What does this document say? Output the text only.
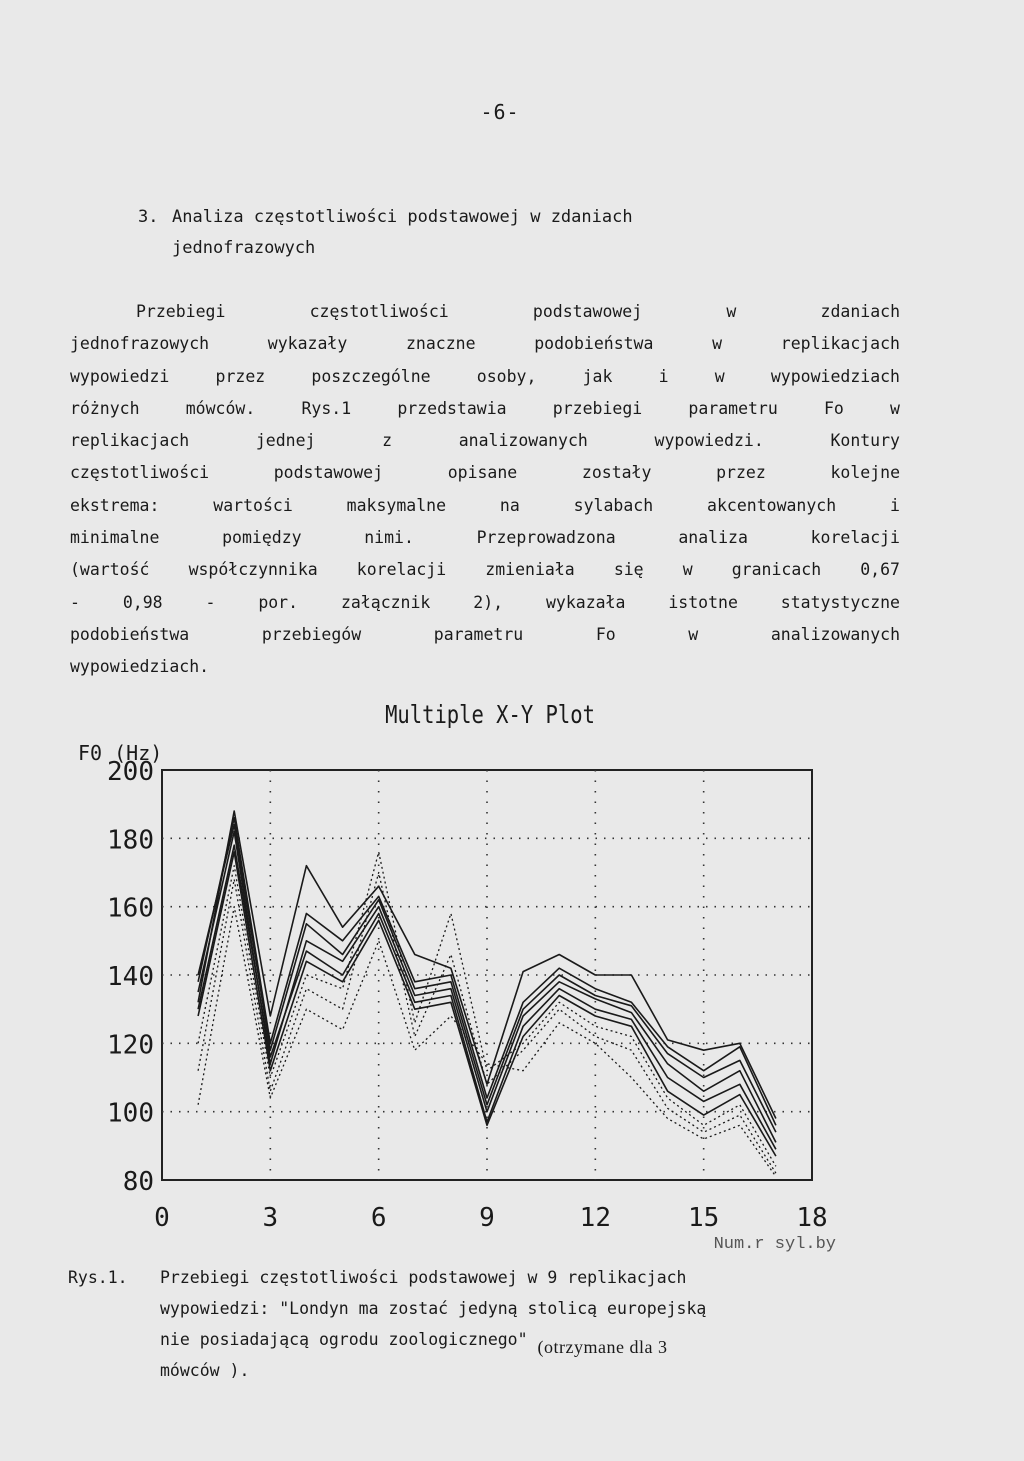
-6-
3. Analiza częstotliwości podstawowej w zdaniach
jednofrazowych
Przebiegi częstotliwości podstawowej w zdaniach
jednofrazowych wykazały znaczne podobieństwa w replikacjach
wypowiedzi przez poszczególne osoby, jak i w wypowiedziach
różnych mówców. Rys.1 przedstawia przebiegi parametru Fo w
replikacjach jednej z analizowanych wypowiedzi. Kontury
częstotliwości podstawowej opisane zostały przez kolejne
ekstrema: wartości maksymalne na sylabach akcentowanych i
minimalne pomiędzy nimi. Przeprowadzona analiza korelacji
(wartość współczynnika korelacji zmieniała się w granicach 0,67
- 0,98 - por. załącznik 2), wykazała istotne statystyczne
podobieństwa przebiegów parametru Fo w analizowanych
wypowiedziach.
Multiple X-Y Plot
200
180
160
140
120
100
80
0	3	6	9	12	15	18
F0 (Hz)
Num.r syl.by
Rys.1. Przebiegi częstotliwości podstawowej w 9 replikacjach
wypowiedzi: "Londyn ma zostać jedyną stolicą europejską
nie posiadającą ogrodu zoologicznego" (otrzymane dla 3
mówców ).
